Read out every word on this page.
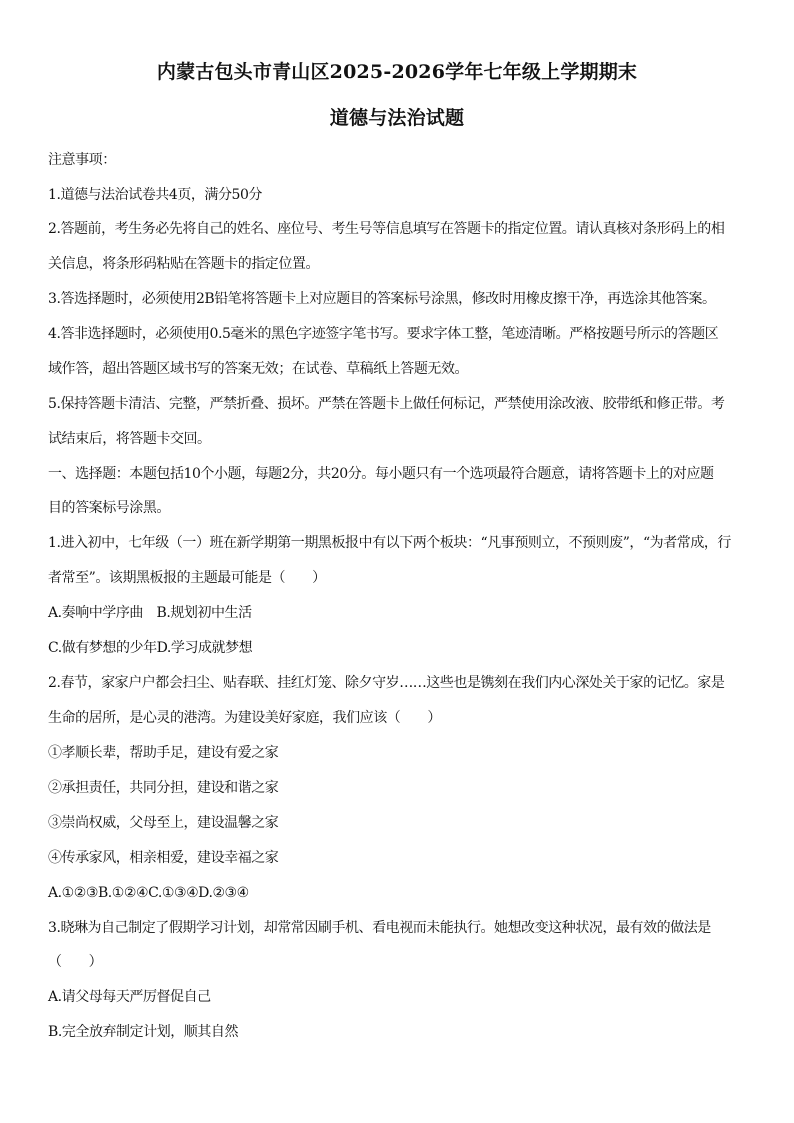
内蒙古包头市青山区2025-2026学年七年级上学期期末
道德与法治试题
注意事项：
1.道德与法治试卷共4页，满分50分
2.答题前，考生务必先将自己的姓名、座位号、考生号等信息填写在答题卡的指定位置。请认真核对条形码上的相
关信息，将条形码粘贴在答题卡的指定位置。
3.答选择题时，必须使用2B铅笔将答题卡上对应题目的答案标号涂黑，修改时用橡皮擦干净，再选涂其他答案。
4.答非选择题时，必须使用0.5毫米的黑色字迹签字笔书写。要求字体工整，笔迹清晰。严格按题号所示的答题区
域作答，超出答题区域书写的答案无效；在试卷、草稿纸上答题无效。
5.保持答题卡清洁、完整，严禁折叠、损坏。严禁在答题卡上做任何标记，严禁使用涂改液、胶带纸和修正带。考
试结束后，将答题卡交回。
一、选择题：本题包括10个小题，每题2分，共20分。每小题只有一个选项最符合题意，请将答题卡上的对应题
目的答案标号涂黑。
1.进入初中，七年级（一）班在新学期第一期黑板报中有以下两个板块：“凡事预则立，不预则废”，“为者常成，行
者常至”。该期黑板报的主题最可能是（　　）
A.奏响中学序曲　B.规划初中生活
C.做有梦想的少年D.学习成就梦想
2.春节，家家户户都会扫尘、贴春联、挂红灯笼、除夕守岁……这些也是镌刻在我们内心深处关于家的记忆。家是
生命的居所，是心灵的港湾。为建设美好家庭，我们应该（　　）
①孝顺长辈，帮助手足，建设有爱之家
②承担责任，共同分担，建设和谐之家
③崇尚权威，父母至上，建设温馨之家
④传承家风，相亲相爱，建设幸福之家
A.①②③B.①②④C.①③④D.②③④
3.晓琳为自己制定了假期学习计划，却常常因刷手机、看电视而未能执行。她想改变这种状况，最有效的做法是
（　　）
A.请父母每天严厉督促自己
B.完全放弃制定计划，顺其自然
